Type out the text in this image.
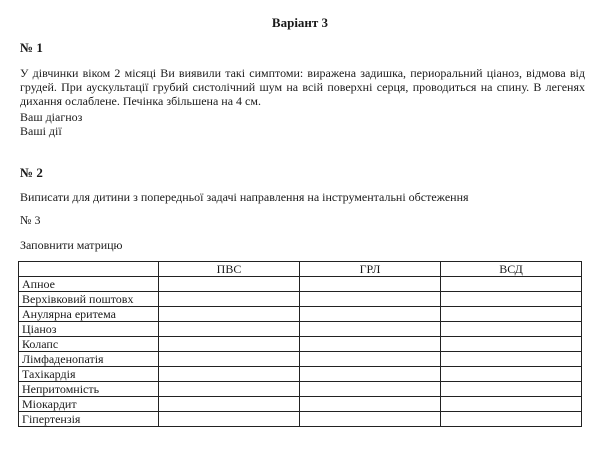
Варіант 3
№ 1

У дівчинки віком 2 місяці Ви виявили такі симптоми: виражена задишка, периоральний ціаноз, відмова від грудей. При аускультації грубий систолічний шум на всій поверхні серця, проводиться на спину. В легенях дихання ослаблене. Печінка збільшена на 4 см.

Ваш діагноз
Ваші дії
№ 2
Виписати для дитини з попередньої задачі направлення на інструментальні обстеження
№ 3
Заповнити матрицю
	ПВС	ГРЛ	ВСД
Апное			
Верхівковий поштовх			
Анулярна еритема			
Ціаноз			
Колапс			
Лімфаденопатія			
Тахікардія			
Непритомність			
Міокардит			
Гіпертензія			
